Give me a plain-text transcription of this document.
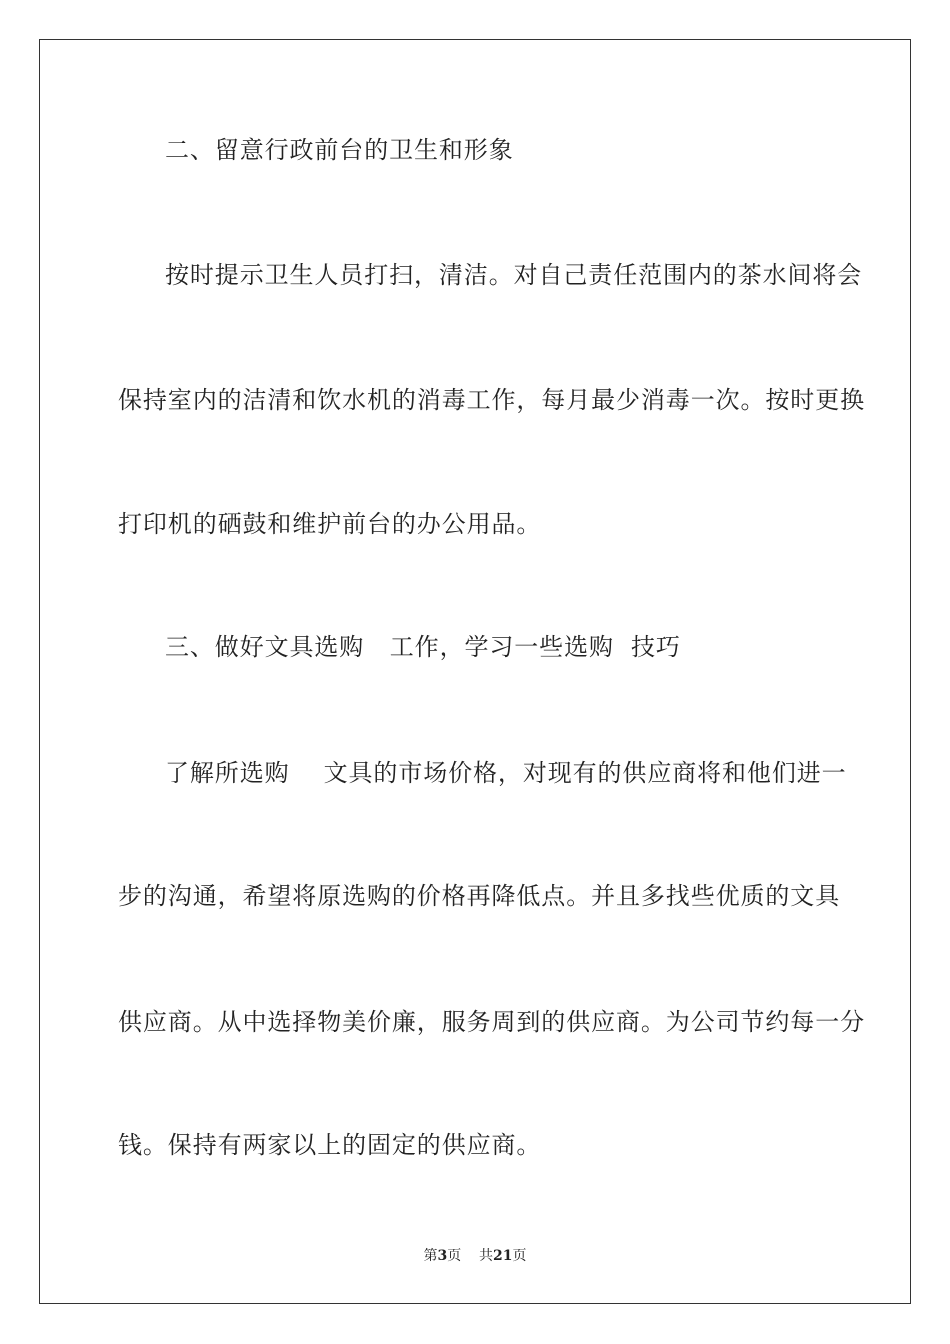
二、留意行政前台的卫生和形象
按时提示卫生人员打扫，清洁。对自己责任范围内的茶水间将会
保持室内的洁清和饮水机的消毒工作，每月最少消毒一次。按时更换
打印机的硒鼓和维护前台的办公用品。
三、做好文具选购   工作，学习一些选购  技巧
了解所选购    文具的市场价格，对现有的供应商将和他们进一
步的沟通，希望将原选购的价格再降低点。并且多找些优质的文具
供应商。从中选择物美价廉，服务周到的供应商。为公司节约每一分
钱。保持有两家以上的固定的供应商。
第3页 共21页
